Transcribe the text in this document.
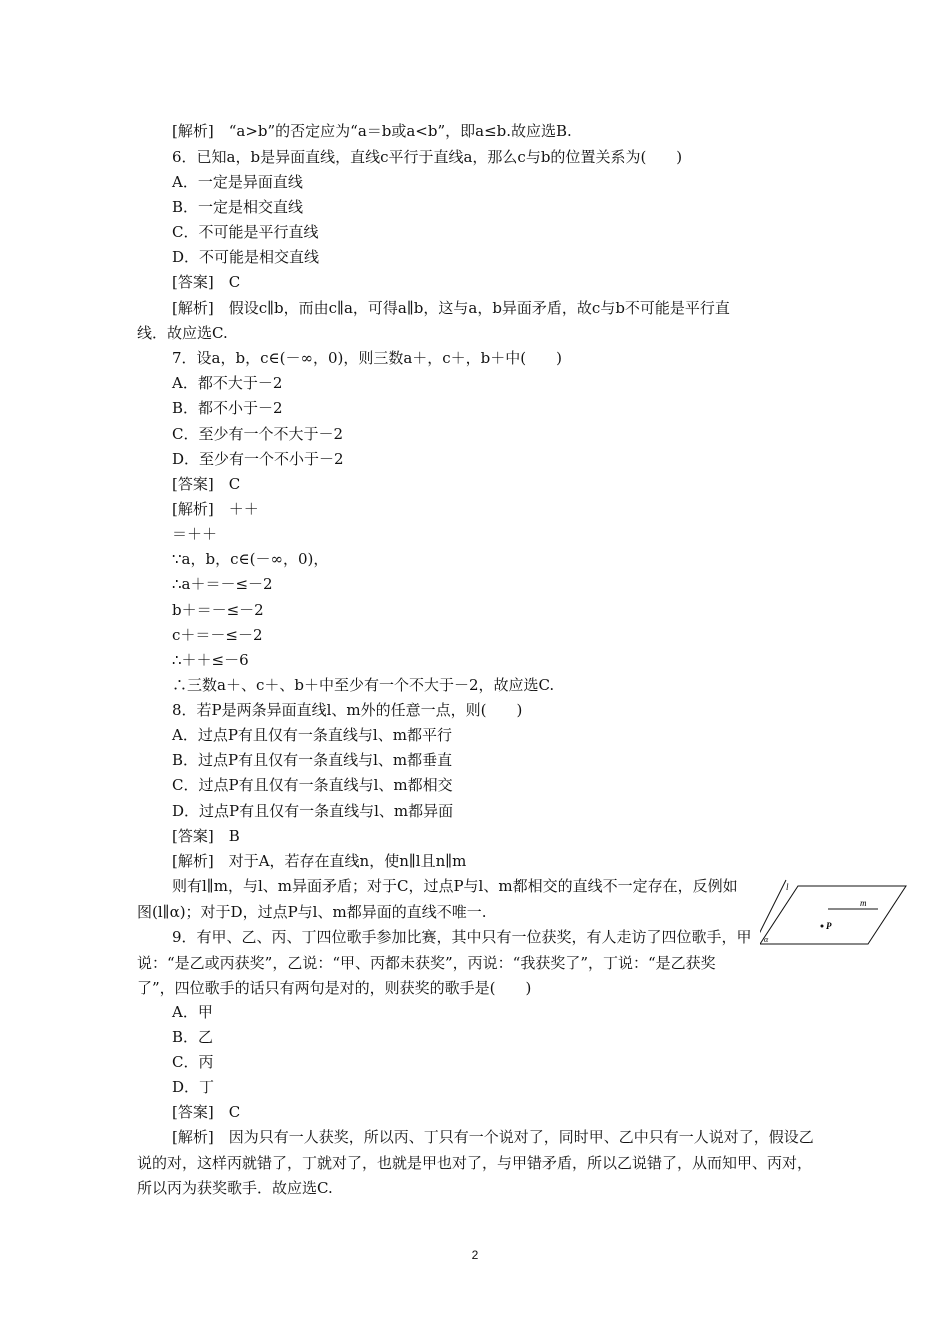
[解析]　“a>b”的否定应为“a＝b或a<b”，即a≤b.故应选B.
6．已知a，b是异面直线，直线c平行于直线a，那么c与b的位置关系为(　　)
A．一定是异面直线
B．一定是相交直线
C．不可能是平行直线
D．不可能是相交直线
[答案]　C
[解析]　假设c∥b，而由c∥a，可得a∥b，这与a，b异面矛盾，故c与b不可能是平行直
线．故应选C.
7．设a，b，c∈(－∞，0)，则三数a＋，c＋，b＋中(　　)
A．都不大于－2
B．都不小于－2
C．至少有一个不大于－2
D．至少有一个不小于－2
[答案]　C
[解析]　＋＋
＝＋＋
∵a，b，c∈(－∞，0)，
∴a＋＝－≤－2
b＋＝－≤－2
c＋＝－≤－2
∴＋＋≤－6
∴三数a＋、c＋、b＋中至少有一个不大于－2，故应选C.
8．若P是两条异面直线l、m外的任意一点，则(　　)
A．过点P有且仅有一条直线与l、m都平行
B．过点P有且仅有一条直线与l、m都垂直
C．过点P有且仅有一条直线与l、m都相交
D．过点P有且仅有一条直线与l、m都异面
[答案]　B
[解析]　对于A，若存在直线n，使n∥l且n∥m

则有l∥m，与l、m异面矛盾；对于C，过点P与l、m都相交的直线不一定存在，反例如图(l∥α)；对于D，过点P与l、m都异面的直线不唯一.

9．有甲、乙、丙、丁四位歌手参加比赛，其中只有一位获奖，有人走访了四位歌手，甲说：“是乙或丙获奖”，乙说：“甲、丙都未获奖”，丙说：“我获奖了”，丁说：“是乙获奖了”，四位歌手的话只有两句是对的，则获奖的歌手是(　　)

l
m
P
α
A．甲
B．乙
C．丙
D．丁
[答案]　C

[解析]　因为只有一人获奖，所以丙、丁只有一个说对了，同时甲、乙中只有一人说对了，假设乙说的对，这样丙就错了，丁就对了，也就是甲也对了，与甲错矛盾，所以乙说错了，从而知甲、丙对，所以丙为获奖歌手．故应选C.

2
